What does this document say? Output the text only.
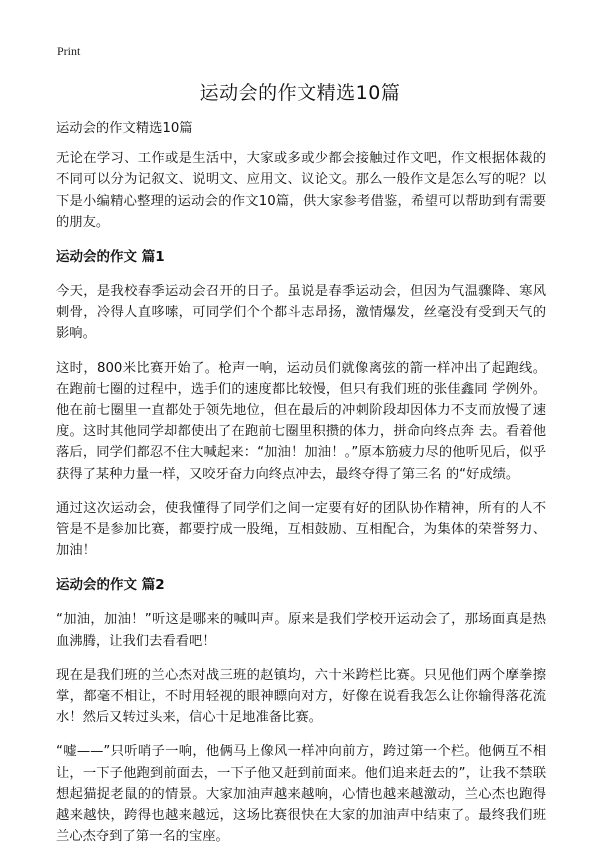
Print
运动会的作文精选10篇

运动会的作文精选10篇

无论在学习、工作或是生活中，大家或多或少都会接触过作文吧，作文根据体裁的不同可以分为记叙文、说明文、应用文、议论文。那么一般作文是怎么写的呢？以下是小编精心整理的运动会的作文10篇，供大家参考借鉴，希望可以帮助到有需要的朋友。

运动会的作文 篇1

今天，是我校春季运动会召开的日子。虽说是春季运动会，但因为气温骤降、寒风刺骨，冷得人直哆嗦，可同学们个个都斗志昂扬，激情爆发，丝毫没有受到天气的影响。

这时，800米比赛开始了。枪声一响，运动员们就像离弦的箭一样冲出了起跑线。在跑前七圈的过程中，选手们的速度都比较慢，但只有我们班的张佳鑫同 学例外。他在前七圈里一直都处于领先地位，但在最后的冲刺阶段却因体力不支而放慢了速度。这时其他同学却都使出了在跑前七圈里积攒的体力，拼命向终点奔 去。看着他落后，同学们都忍不住大喊起来：“加油！加油！。”原本筋疲力尽的他听见后，似乎获得了某种力量一样，又咬牙奋力向终点冲去，最终夺得了第三名 的“好成绩。

通过这次运动会，使我懂得了同学们之间一定要有好的团队协作精神，所有的人不管是不是参加比赛，都要拧成一股绳，互相鼓励、互相配合，为集体的荣誉努力、加油！

运动会的作文 篇2

“加油，加油！”听这是哪来的喊叫声。原来是我们学校开运动会了，那场面真是热血沸腾，让我们去看看吧！

现在是我们班的兰心杰对战三班的赵镇均，六十米跨栏比赛。只见他们两个摩拳擦掌，都毫不相让，不时用轻视的眼神瞟向对方，好像在说看我怎么让你输得落花流水！然后又转过头来，信心十足地准备比赛。

“嘘——”只听哨子一响，他俩马上像风一样冲向前方，跨过第一个栏。他俩互不相让，一下子他跑到前面去，一下子他又赶到前面来。他们追来赶去的”，让我不禁联想起猫捉老鼠的的情景。大家加油声越来越响，心情也越来越激动，兰心杰也跑得越来越快，跨得也越来越远，这场比赛很快在大家的加油声中结束了。最终我们班兰心杰夺到了第一名的宝座。
